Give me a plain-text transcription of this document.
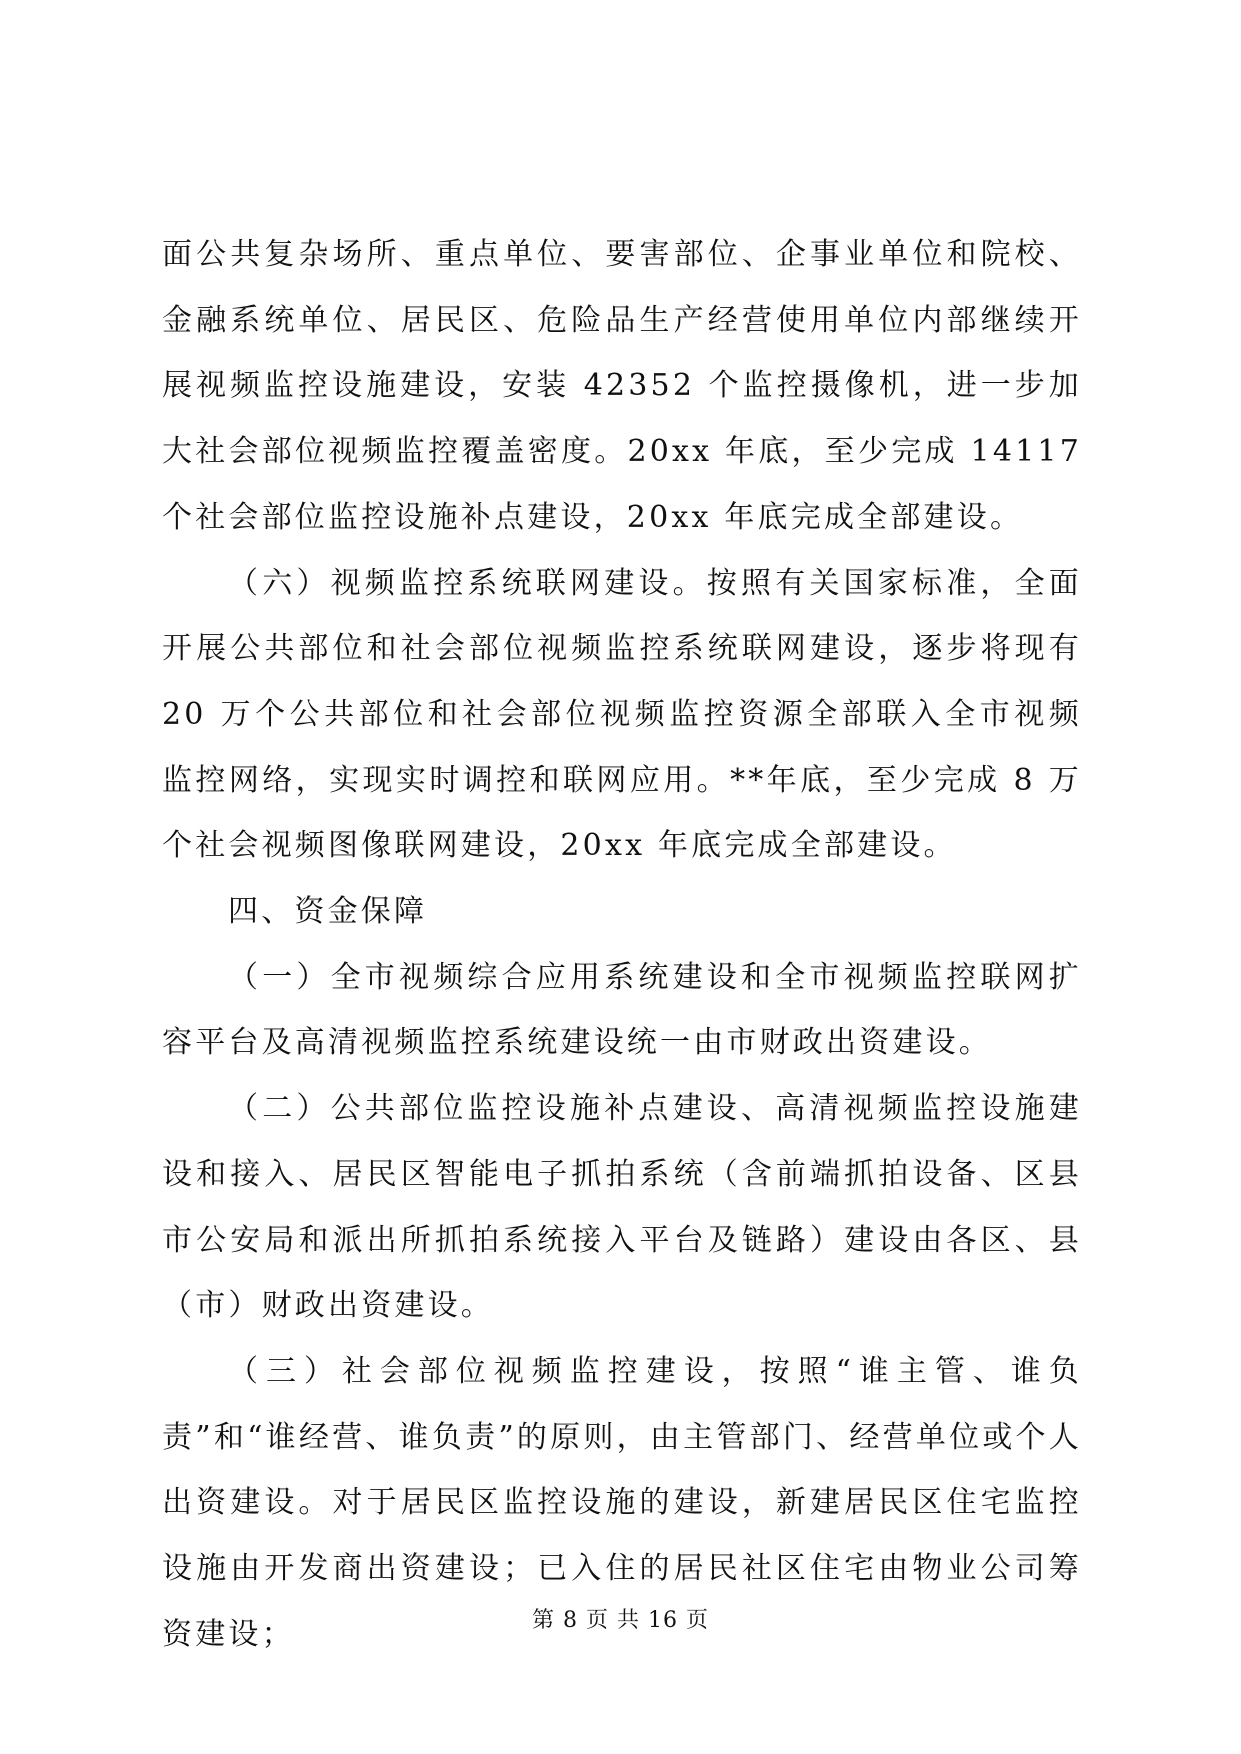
面公共复杂场所、重点单位、要害部位、企事业单位和院校、金融系统单位、居民区、危险品生产经营使用单位内部继续开展视频监控设施建设，安装 42352 个监控摄像机，进一步加大社会部位视频监控覆盖密度。20xx 年底，至少完成 14117 个社会部位监控设施补点建设，20xx 年底完成全部建设。

（六）视频监控系统联网建设。按照有关国家标准，全面开展公共部位和社会部位视频监控系统联网建设，逐步将现有 20 万个公共部位和社会部位视频监控资源全部联入全市视频监控网络，实现实时调控和联网应用。**年底，至少完成 8 万个社会视频图像联网建设，20xx 年底完成全部建设。

四、资金保障

（一）全市视频综合应用系统建设和全市视频监控联网扩容平台及高清视频监控系统建设统一由市财政出资建设。

（二）公共部位监控设施补点建设、高清视频监控设施建设和接入、居民区智能电子抓拍系统（含前端抓拍设备、区县市公安局和派出所抓拍系统接入平台及链路）建设由各区、县（市）财政出资建设。

（三）社会部位视频监控建设，按照“谁主管、谁负责”和“谁经营、谁负责”的原则，由主管部门、经营单位或个人出资建设。对于居民区监控设施的建设，新建居民区住宅监控设施由开发商出资建设；已入住的居民社区住宅由物业公司筹资建设；	第 8 页 共 16 页
